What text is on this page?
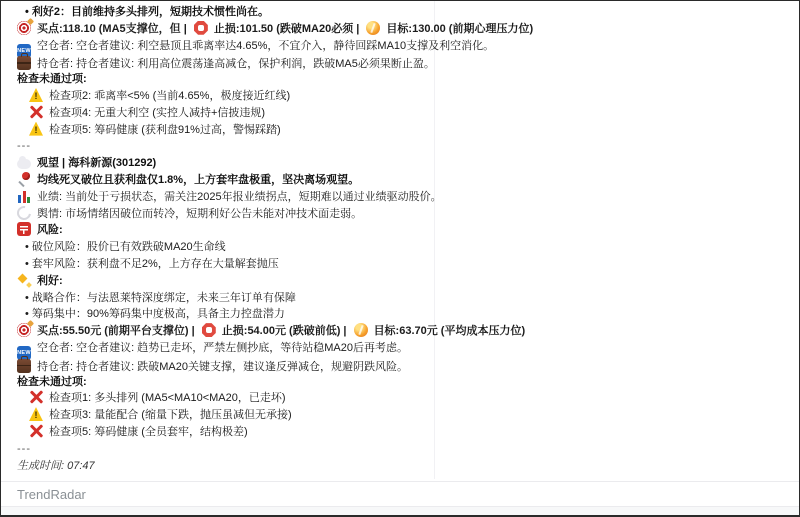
• 利好2：目前维持多头排列，短期技术惯性尚在。
买点:118.10 (MA5支撑位，但 | 止损:101.50 (跌破MA20必须 | 目标:130.00 (前期心理压力位)
NEW 空仓者: 空仓者建议: 利空悬顶且乖离率达4.65%，不宜介入，静待回踩MA10支撑及利空消化。
持仓者: 持仓者建议: 利用高位震荡逢高减仓，保护利润，跌破MA5必须果断止盈。
检查未通过项:
!检查项2: 乖离率<5% (当前4.65%，极度接近红线)
检查项4: 无重大利空 (实控人减持+信披违规)
!检查项5: 筹码健康 (获利盘91%过高，警惕踩踏)
---
观望 | 海科新源(301292)
均线死叉破位且获利盘仅1.8%，上方套牢盘极重，坚决离场观望。
业绩: 当前处于亏损状态，需关注2025年报业绩拐点，短期难以通过业绩驱动股价。
舆情: 市场情绪因破位而转冷，短期利好公告未能对冲技术面走弱。
风险:
• 破位风险：股价已有效跌破MA20生命线
• 套牢风险：获利盘不足2%，上方存在大量解套抛压
利好:
• 战略合作：与法恩莱特深度绑定，未来三年订单有保障
• 筹码集中：90%筹码集中度极高，具备主力控盘潜力
买点:55.50元 (前期平台支撑位) | 止损:54.00元 (跌破前低) | 目标:63.70元 (平均成本压力位)
NEW 空仓者: 空仓者建议: 趋势已走坏，严禁左侧抄底，等待站稳MA20后再考虑。
持仓者: 持仓者建议: 跌破MA20关键支撑，建议逢反弹减仓，规避阴跌风险。
检查未通过项:
检查项1: 多头排列 (MA5<MA10<MA20，已走坏)
!检查项3: 量能配合 (缩量下跌，抛压虽减但无承接)
检查项5: 筹码健康 (全员套牢，结构极差)
---
生成时间: 07:47
TrendRadar
